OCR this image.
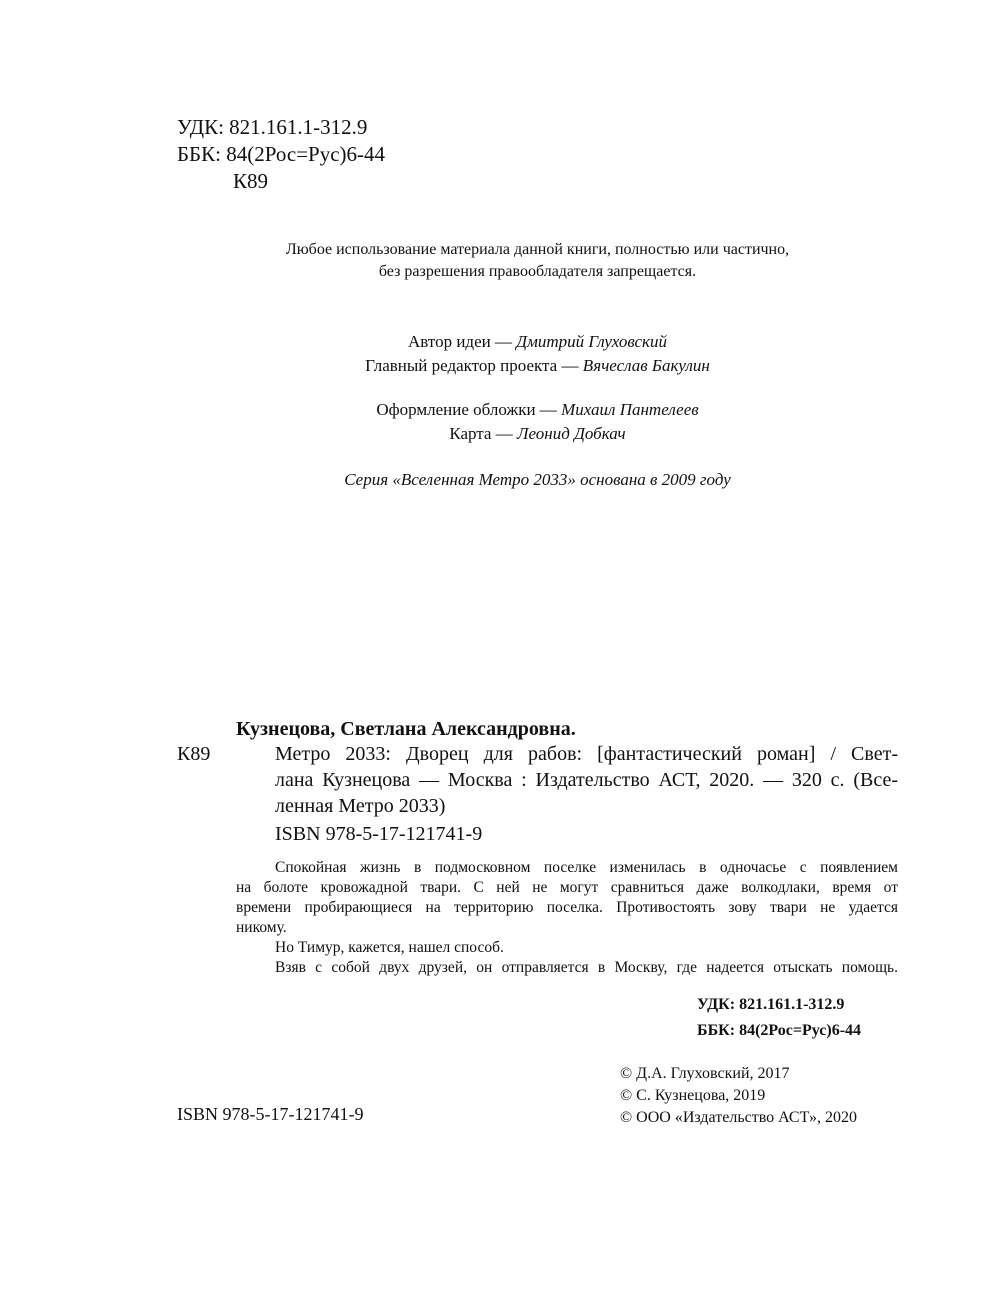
УДК: 821.161.1-312.9
ББК: 84(2Рос=Рус)6-44
К89
Любое использование материала данной книги, полностью или частично,
без разрешения правообладателя запрещается.
Автор идеи — Дмитрий Глуховский
Главный редактор проекта — Вячеслав Бакулин
Оформление обложки — Михаил Пантелеев
Карта — Леонид Добкач
Серия «Вселенная Метро 2033» основана в 2009 году
Кузнецова, Светлана Александровна.
К89	Метро 2033: Дворец для рабов: [фантастический роман] / Свет-
лана Кузнецова — Москва : Издательство АСТ, 2020. — 320 с. (Все-
ленная Метро 2033)
ISBN 978-5-17-121741-9
Спокойная жизнь в подмосковном поселке изменилась в одночасье с появлением
на болоте кровожадной твари. С ней не могут сравниться даже волкодлаки, время от
времени пробирающиеся на территорию поселка. Противостоять зову твари не удается
никому.
Но Тимур, кажется, нашел способ.
Взяв с собой двух друзей, он отправляется в Москву, где надеется отыскать помощь.
УДК: 821.161.1-312.9
ББК: 84(2Рос=Рус)6-44
ISBN 978-5-17-121741-9
© Д.А. Глуховский, 2017
© С. Кузнецова, 2019
© ООО «Издательство АСТ», 2020
